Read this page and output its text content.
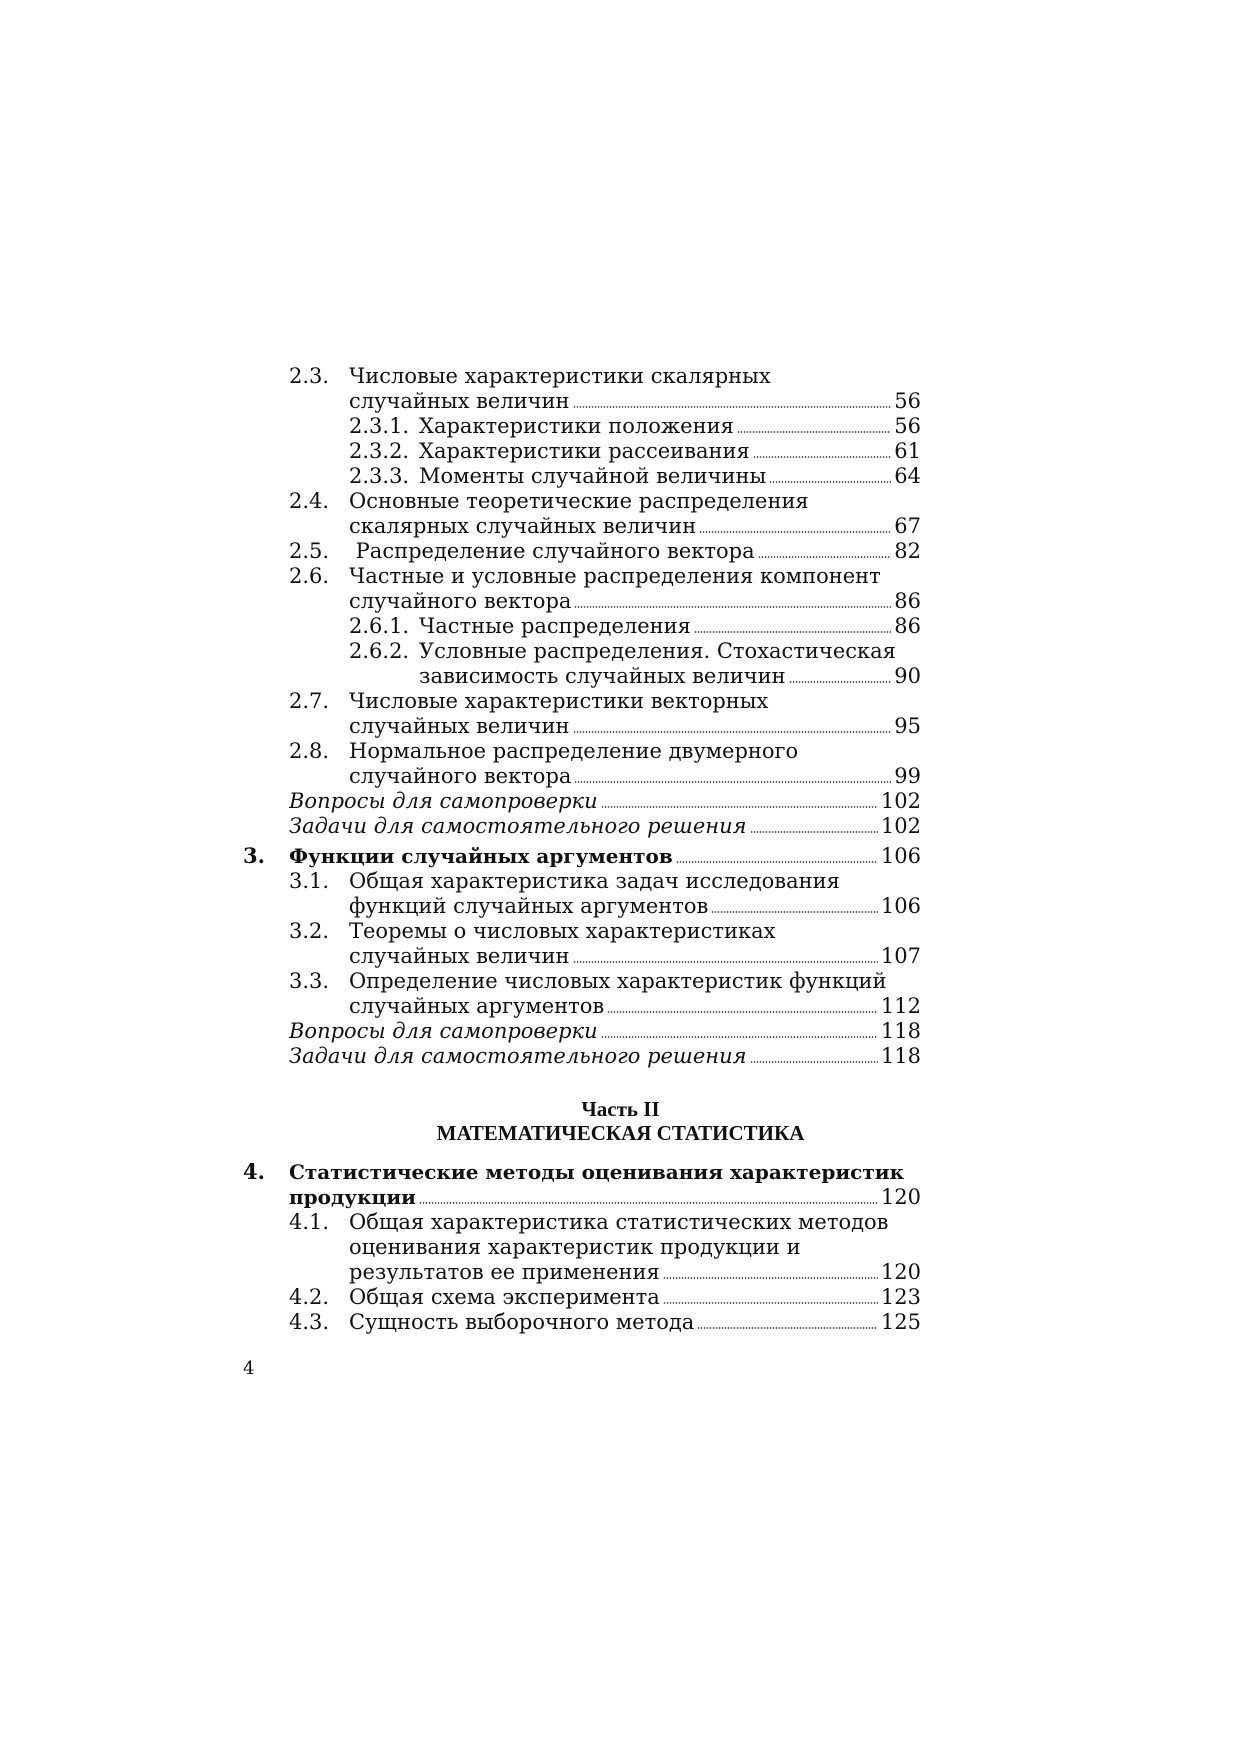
2.3. Числовые характеристики скалярных
случайных величин	56
2.3.1. Характеристики положения	56
2.3.2. Характеристики рассеивания	61
2.3.3. Моменты случайной величины	64
2.4. Основные теоретические распределения
скалярных случайных величин	67
2.5. Распределение случайного вектора	82
2.6. Частные и условные распределения компонент
случайного вектора	86
2.6.1. Частные распределения	86
2.6.2. Условные распределения. Стохастическая
зависимость случайных величин	90
2.7. Числовые характеристики векторных
случайных величин	95
2.8. Нормальное распределение двумерного
случайного вектора	99
Вопросы для самопроверки	102
Задачи для самостоятельного решения	102
3. Функции случайных аргументов	106
3.1. Общая характеристика задач исследования
функций случайных аргументов	106
3.2. Теоремы о числовых характеристиках
случайных величин	107
3.3. Определение числовых характеристик функций
случайных аргументов	112
Вопросы для самопроверки	118
Задачи для самостоятельного решения	118
Часть II
МАТЕМАТИЧЕСКАЯ СТАТИСТИКА
4. Статистические методы оценивания характеристик
продукции	120
4.1. Общая характеристика статистических методов
оценивания характеристик продукции и
результатов ее применения	120
4.2. Общая схема эксперимента	123
4.3. Сущность выборочного метода	125
4
